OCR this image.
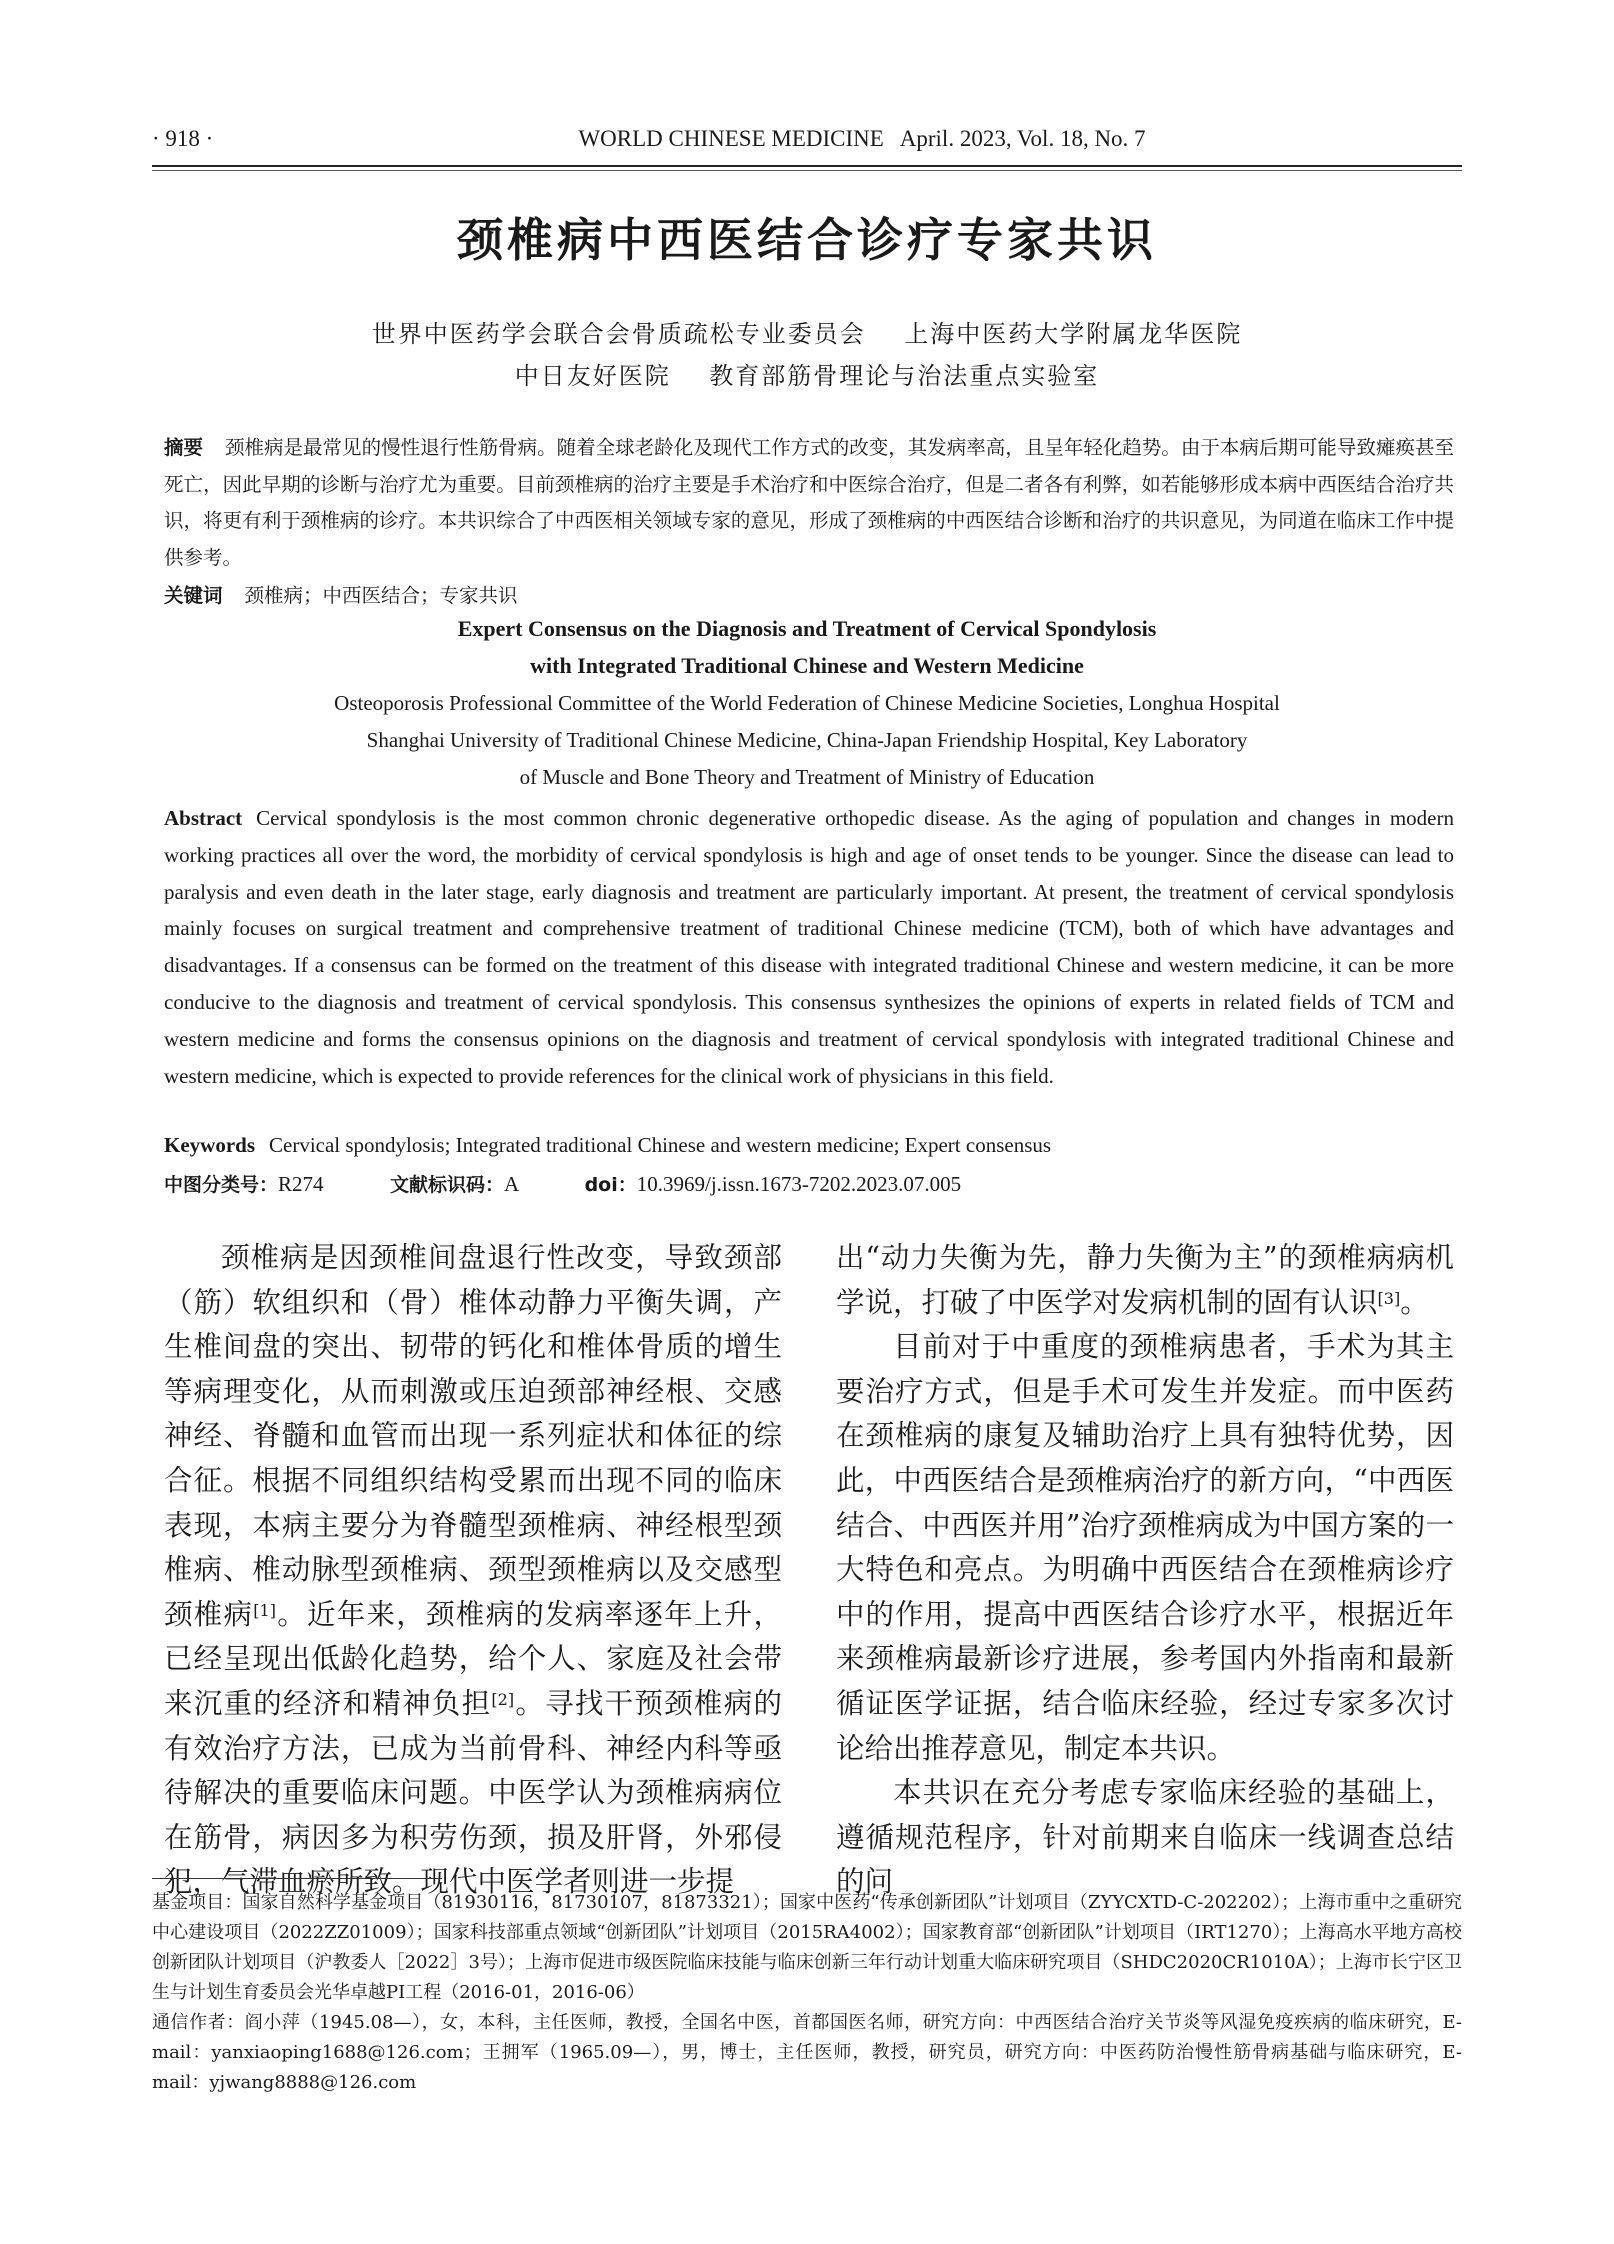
· 918 ·	WORLD CHINESE MEDICINE   April. 2023, Vol. 18, No. 7
颈椎病中西医结合诊疗专家共识
世界中医药学会联合会骨质疏松专业委员会    上海中医药大学附属龙华医院
中日友好医院    教育部筋骨理论与治法重点实验室
摘要 颈椎病是最常见的慢性退行性筋骨病。随着全球老龄化及现代工作方式的改变，其发病率高，且呈年轻化趋势。由于本病后期可能导致瘫痪甚至死亡，因此早期的诊断与治疗尤为重要。目前颈椎病的治疗主要是手术治疗和中医综合治疗，但是二者各有利弊，如若能够形成本病中西医结合治疗共识，将更有利于颈椎病的诊疗。本共识综合了中西医相关领域专家的意见，形成了颈椎病的中西医结合诊断和治疗的共识意见，为同道在临床工作中提供参考。
关键词 颈椎病；中西医结合；专家共识
Expert Consensus on the Diagnosis and Treatment of Cervical Spondylosis
with Integrated Traditional Chinese and Western Medicine
Osteoporosis Professional Committee of the World Federation of Chinese Medicine Societies, Longhua Hospital
Shanghai University of Traditional Chinese Medicine, China-Japan Friendship Hospital, Key Laboratory
of Muscle and Bone Theory and Treatment of Ministry of Education
Abstract Cervical spondylosis is the most common chronic degenerative orthopedic disease. As the aging of population and changes in modern working practices all over the word, the morbidity of cervical spondylosis is high and age of onset tends to be younger. Since the disease can lead to paralysis and even death in the later stage, early diagnosis and treatment are particularly important. At present, the treatment of cervical spondylosis mainly focuses on surgical treatment and comprehensive treatment of traditional Chinese medicine (TCM), both of which have advantages and disadvantages. If a consensus can be formed on the treatment of this disease with integrated traditional Chinese and western medicine, it can be more conducive to the diagnosis and treatment of cervical spondylosis. This consensus synthesizes the opinions of experts in related fields of TCM and western medicine and forms the consensus opinions on the diagnosis and treatment of cervical spondylosis with integrated traditional Chinese and western medicine, which is expected to provide references for the clinical work of physicians in this field.
Keywords Cervical spondylosis; Integrated traditional Chinese and western medicine; Expert consensus
中图分类号：R274	文献标识码：A	doi：10.3969/j.issn.1673-7202.2023.07.005

颈椎病是因颈椎间盘退行性改变，导致颈部（筋）软组织和（骨）椎体动静力平衡失调，产生椎间盘的突出、韧带的钙化和椎体骨质的增生等病理变化，从而刺激或压迫颈部神经根、交感神经、脊髓和血管而出现一系列症状和体征的综合征。根据不同组织结构受累而出现不同的临床表现，本病主要分为脊髓型颈椎病、神经根型颈椎病、椎动脉型颈椎病、颈型颈椎病以及交感型颈椎病[1]。近年来，颈椎病的发病率逐年上升，已经呈现出低龄化趋势，给个人、家庭及社会带来沉重的经济和精神负担[2]。寻找干预颈椎病的有效治疗方法，已成为当前骨科、神经内科等亟待解决的重要临床问题。中医学认为颈椎病病位在筋骨，病因多为积劳伤颈，损及肝肾，外邪侵犯，气滞血瘀所致。现代中医学者则进一步提

出“动力失衡为先，静力失衡为主”的颈椎病病机学说，打破了中医学对发病机制的固有认识[3]。

目前对于中重度的颈椎病患者，手术为其主要治疗方式，但是手术可发生并发症。而中医药在颈椎病的康复及辅助治疗上具有独特优势，因此，中西医结合是颈椎病治疗的新方向，“中西医结合、中西医并用”治疗颈椎病成为中国方案的一大特色和亮点。为明确中西医结合在颈椎病诊疗中的作用，提高中西医结合诊疗水平，根据近年来颈椎病最新诊疗进展，参考国内外指南和最新循证医学证据，结合临床经验，经过专家多次讨论给出推荐意见，制定本共识。

本共识在充分考虑专家临床经验的基础上，遵循规范程序，针对前期来自临床一线调查总结的问

基金项目：国家自然科学基金项目（81930116，81730107，81873321）；国家中医药“传承创新团队”计划项目（ZYYCXTD-C-202202）；上海市重中之重研究中心建设项目（2022ZZ01009）；国家科技部重点领域“创新团队”计划项目（2015RA4002）；国家教育部“创新团队”计划项目（IRT1270）；上海高水平地方高校创新团队计划项目（沪教委人［2022］3号）；上海市促进市级医院临床技能与临床创新三年行动计划重大临床研究项目（SHDC2020CR1010A）；上海市长宁区卫生与计划生育委员会光华卓越PI工程（2016-01，2016-06）

通信作者：阎小萍（1945.08—），女，本科，主任医师，教授，全国名中医，首都国医名师，研究方向：中西医结合治疗关节炎等风湿免疫疾病的临床研究，E-mail：yanxiaoping1688@126.com；王拥军（1965.09—），男，博士，主任医师，教授，研究员，研究方向：中医药防治慢性筋骨病基础与临床研究，E-mail：yjwang8888@126.com
